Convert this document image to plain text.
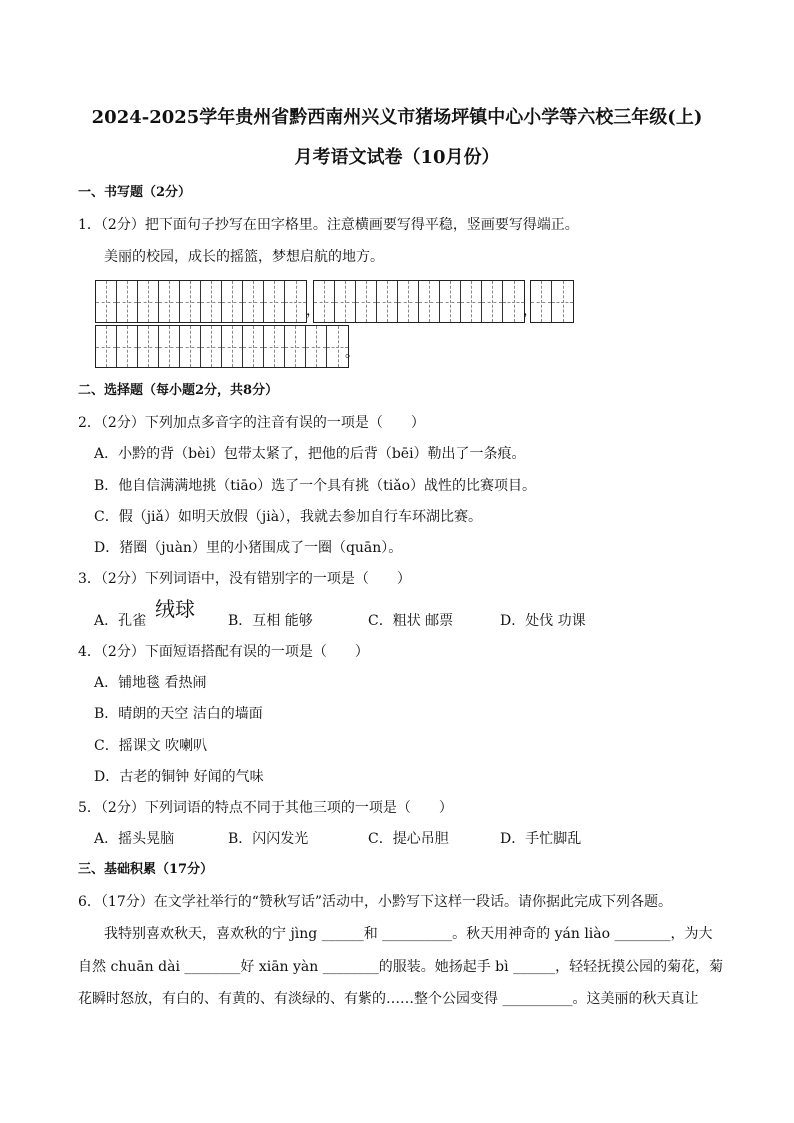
2024-2025学年贵州省黔西南州兴义市猪场坪镇中心小学等六校三年级(上)
月考语文试卷（10月份）
一、书写题（2分）
1．（2分）把下面句子抄写在田字格里。注意横画要写得平稳，竖画要写得端正。
美丽的校园，成长的摇篮，梦想启航的地方。
，	，
。
二、选择题（每小题2分，共8分）
2．（2分）下列加点多音字的注音有误的一项是（　　）
A．小黔的背（bèi）包带太紧了，把他的后背（bēi）勒出了一条痕。
B．他自信满满地挑（tiāo）选了一个具有挑（tiǎo）战性的比赛项目。
C．假（jiǎ）如明天放假（jià），我就去参加自行车环湖比赛。
D．猪圈（juàn）里的小猪围成了一圈（quān）。
3．（2分）下列词语中，没有错别字的一项是（　　）
A．孔雀 绒球 B．互相 能够	C．粗状 邮票	D．处伐 功课
4．（2分）下面短语搭配有误的一项是（　　）
A．铺地毯 看热闹
B．晴朗的天空 洁白的墙面
C．摇课文 吹喇叭
D．古老的铜钟 好闻的气味
5．（2分）下列词语的特点不同于其他三项的一项是（　　）
A．摇头晃脑	B．闪闪发光	C．提心吊胆	D．手忙脚乱
三、基础积累（17分）
6．（17分）在文学社举行的“赞秋写话”活动中，小黔写下这样一段话。请你据此完成下列各题。
我特别喜欢秋天，喜欢秋的宁 jìng ______和 __________。秋天用神奇的 yán liào ________，为大
自然 chuān dài ________好 xiān yàn ________的服装。她扬起手 bì ______，轻轻抚摸公园的菊花，菊
花瞬时怒放，有白的、有黄的、有淡绿的、有紫的……整个公园变得 __________。这美丽的秋天真让
